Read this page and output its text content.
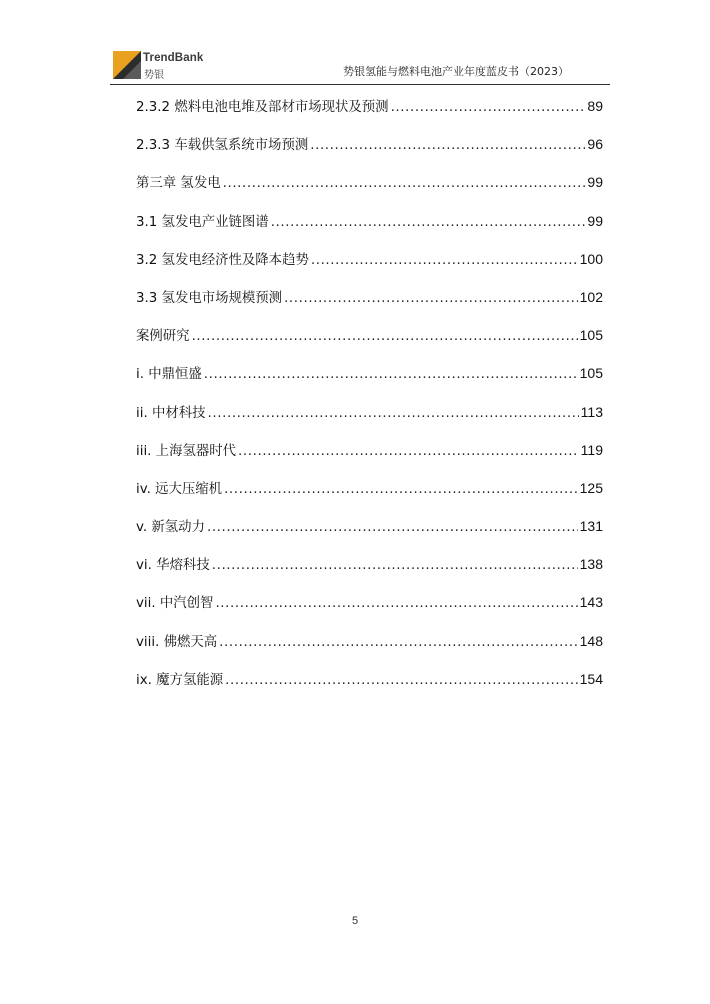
TrendBank
势银	势银氢能与燃料电池产业年度蓝皮书（2023）
2.3.2 燃料电池电堆及部材市场现状及预测 .....	89
2.3.3 车载供氢系统市场预测 .....	96
第三章 氢发电 .....	99
3.1 氢发电产业链图谱 .....	99
3.2 氢发电经济性及降本趋势 .....	100
3.3 氢发电市场规模预测 .....	102
案例研究 .....	105
i. 中鼎恒盛 .....	105
ii. 中材科技 .....	113
iii. 上海氢器时代 .....	119
iv. 远大压缩机 .....	125
v. 新氢动力 .....	131
vi. 华熔科技 .....	138
vii. 中汽创智 .....	143
viii. 佛燃天高 .....	148
ix. 魔方氢能源 .....	154
5
